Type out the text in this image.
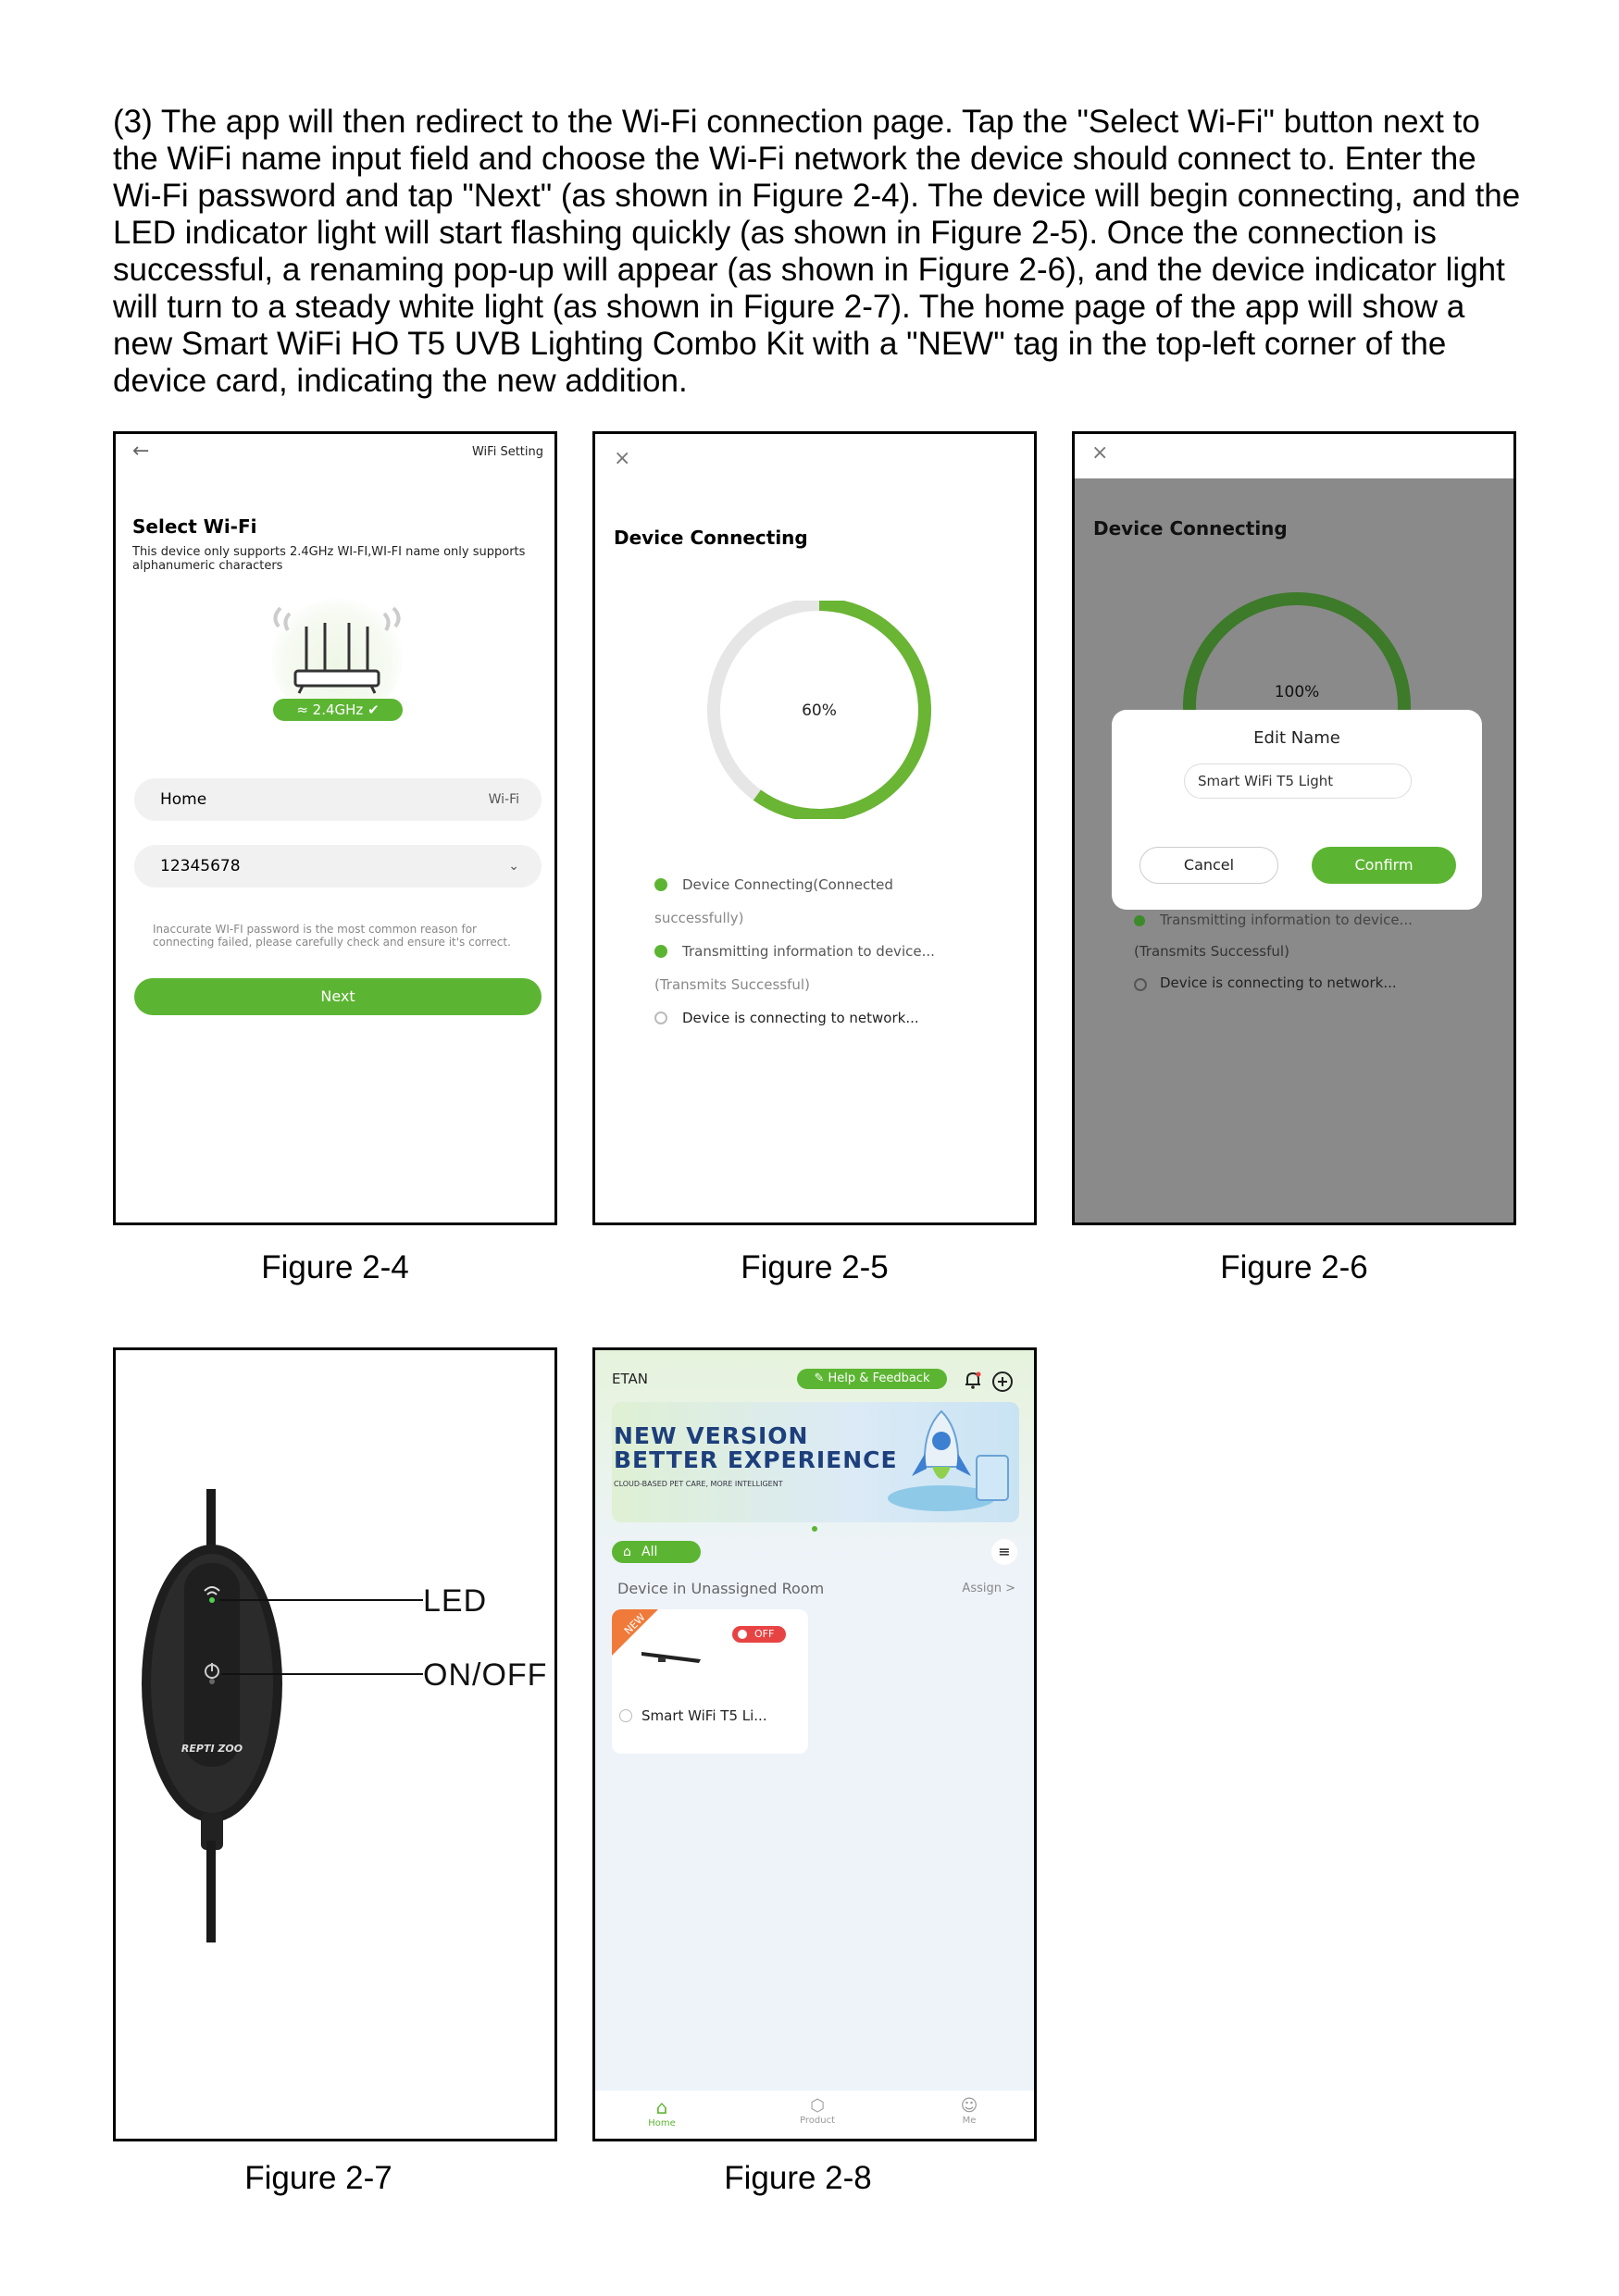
(3) The app will then redirect to the Wi-Fi connection page. Tap the "Select Wi-Fi" button next to the WiFi name input field and choose the Wi-Fi network the device should connect to. Enter the Wi-Fi password and tap "Next" (as shown in Figure 2-4). The device will begin connecting, and the LED indicator light will start flashing quickly (as shown in Figure 2-5). Once the connection is successful, a renaming pop-up will appear (as shown in Figure 2-6), and the device indicator light will turn to a steady white light (as shown in Figure 2-7). The home page of the app will show a new Smart WiFi HO T5 UVB Lighting Combo Kit with a "NEW" tag in the top-left corner of the device card, indicating the new addition.

←	WiFi Setting
Select Wi-Fi
This device only supports 2.4GHz WI-FI,WI-FI name only supports alphanumeric characters
≈ 2.4GHz ✔
Home	Wi-Fi
12345678	⌄
Inaccurate WI-FI password is the most common reason for connecting failed, please carefully check and ensure it's correct.
Next
Figure 2-4
×
Device Connecting
60%
Device Connecting(Connected
successfully)
Transmitting information to device...
(Transmits Successful)
Device is connecting to network...
Figure 2-5
×
Device Connecting
100%
Edit Name
Smart WiFi T5 Light
Cancel	Confirm
Transmitting information to device...
(Transmits Successful)
Device is connecting to network...
Figure 2-6
REPTI ZOO
LED
ON/OFF
Figure 2-7
ETAN	✎ Help & Feedback
NEW VERSION
BETTER EXPERIENCE
CLOUD-BASED PET CARE, MORE INTELLIGENT
⌂ All	≡
Device in Unassigned Room	Assign >
NEW	OFF
Smart WiFi T5 Li...
⌂
Home
⬡
Product
☺
Me
Figure 2-8
